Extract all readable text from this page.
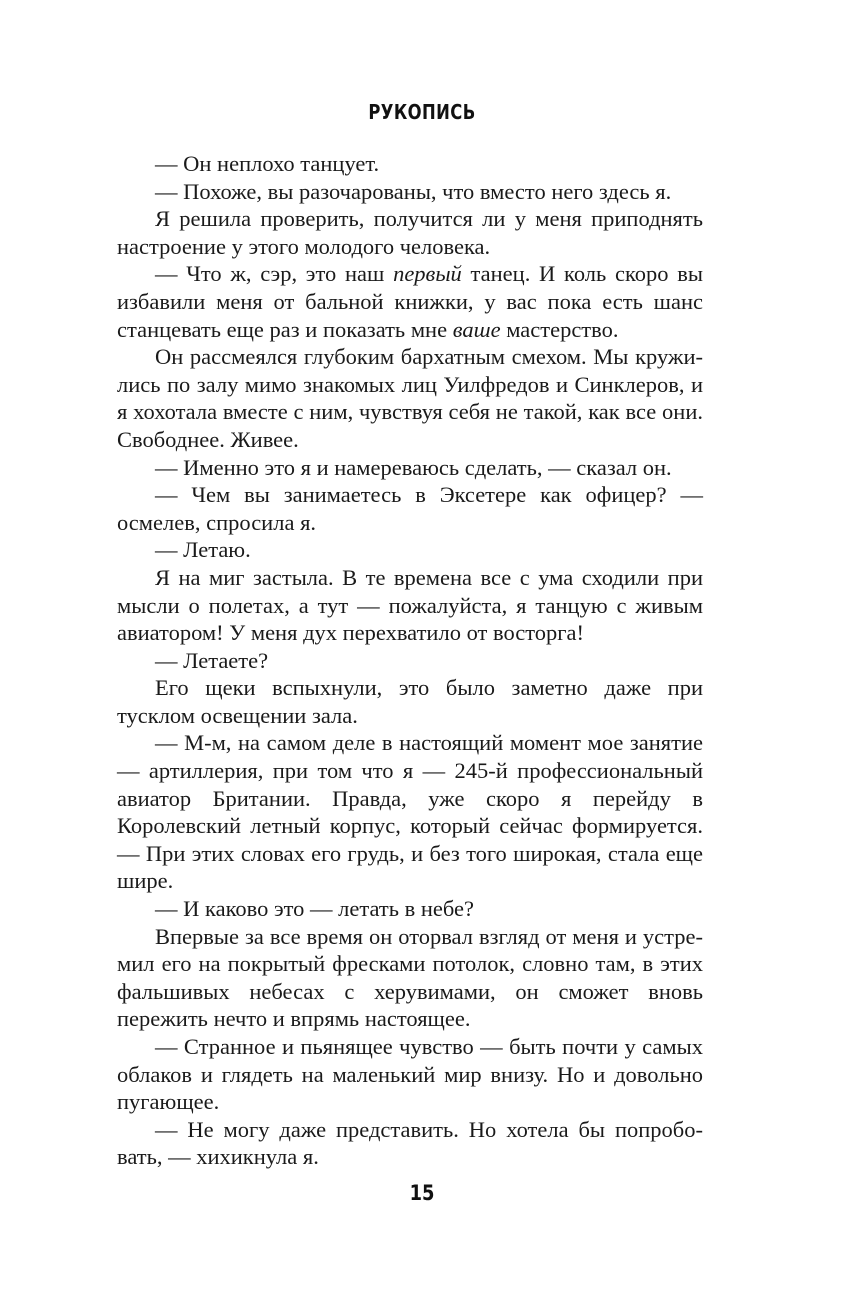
РУКОПИСЬ

— Он неплохо танцует.

— Похоже, вы разочарованы, что вместо него здесь я.

Я решила проверить, получится ли у меня приподнять настроение у этого молодого человека.

— Что ж, сэр, это наш первый танец. И коль скоро вы избавили меня от бальной книжки, у вас пока есть шанс станцевать еще раз и показать мне ваше мастерство.

Он рассмеялся глубоким бархатным смехом. Мы кружились по залу мимо знакомых лиц Уилфредов и Синклеров, и я хохотала вместе с ним, чувствуя себя не такой, как все они. Свободнее. Живее.

— Именно это я и намереваюсь сделать, — сказал он.

— Чем вы занимаетесь в Эксетере как офицер? — осмелев, спросила я.

— Летаю.

Я на миг застыла. В те времена все с ума сходили при мысли о полетах, а тут — пожалуйста, я танцую с живым авиатором! У меня дух перехватило от восторга!

— Летаете?

Его щеки вспыхнули, это было заметно даже при тусклом освещении зала.

— М-м, на самом деле в настоящий момент мое занятие — артиллерия, при том что я — 245-й профессиональный авиатор Британии. Правда, уже скоро я перейду в Королевский летный корпус, который сейчас формируется. — При этих словах его грудь, и без того широкая, стала еще шире.

— И каково это — летать в небе?

Впервые за все время он оторвал взгляд от меня и устремил его на покрытый фресками потолок, словно там, в этих фальшивых небесах с херувимами, он сможет вновь пережить нечто и впрямь настоящее.

— Странное и пьянящее чувство — быть почти у самых облаков и глядеть на маленький мир внизу. Но и довольно пугающее.

— Не могу даже представить. Но хотела бы попробовать, — хихикнула я.

15
